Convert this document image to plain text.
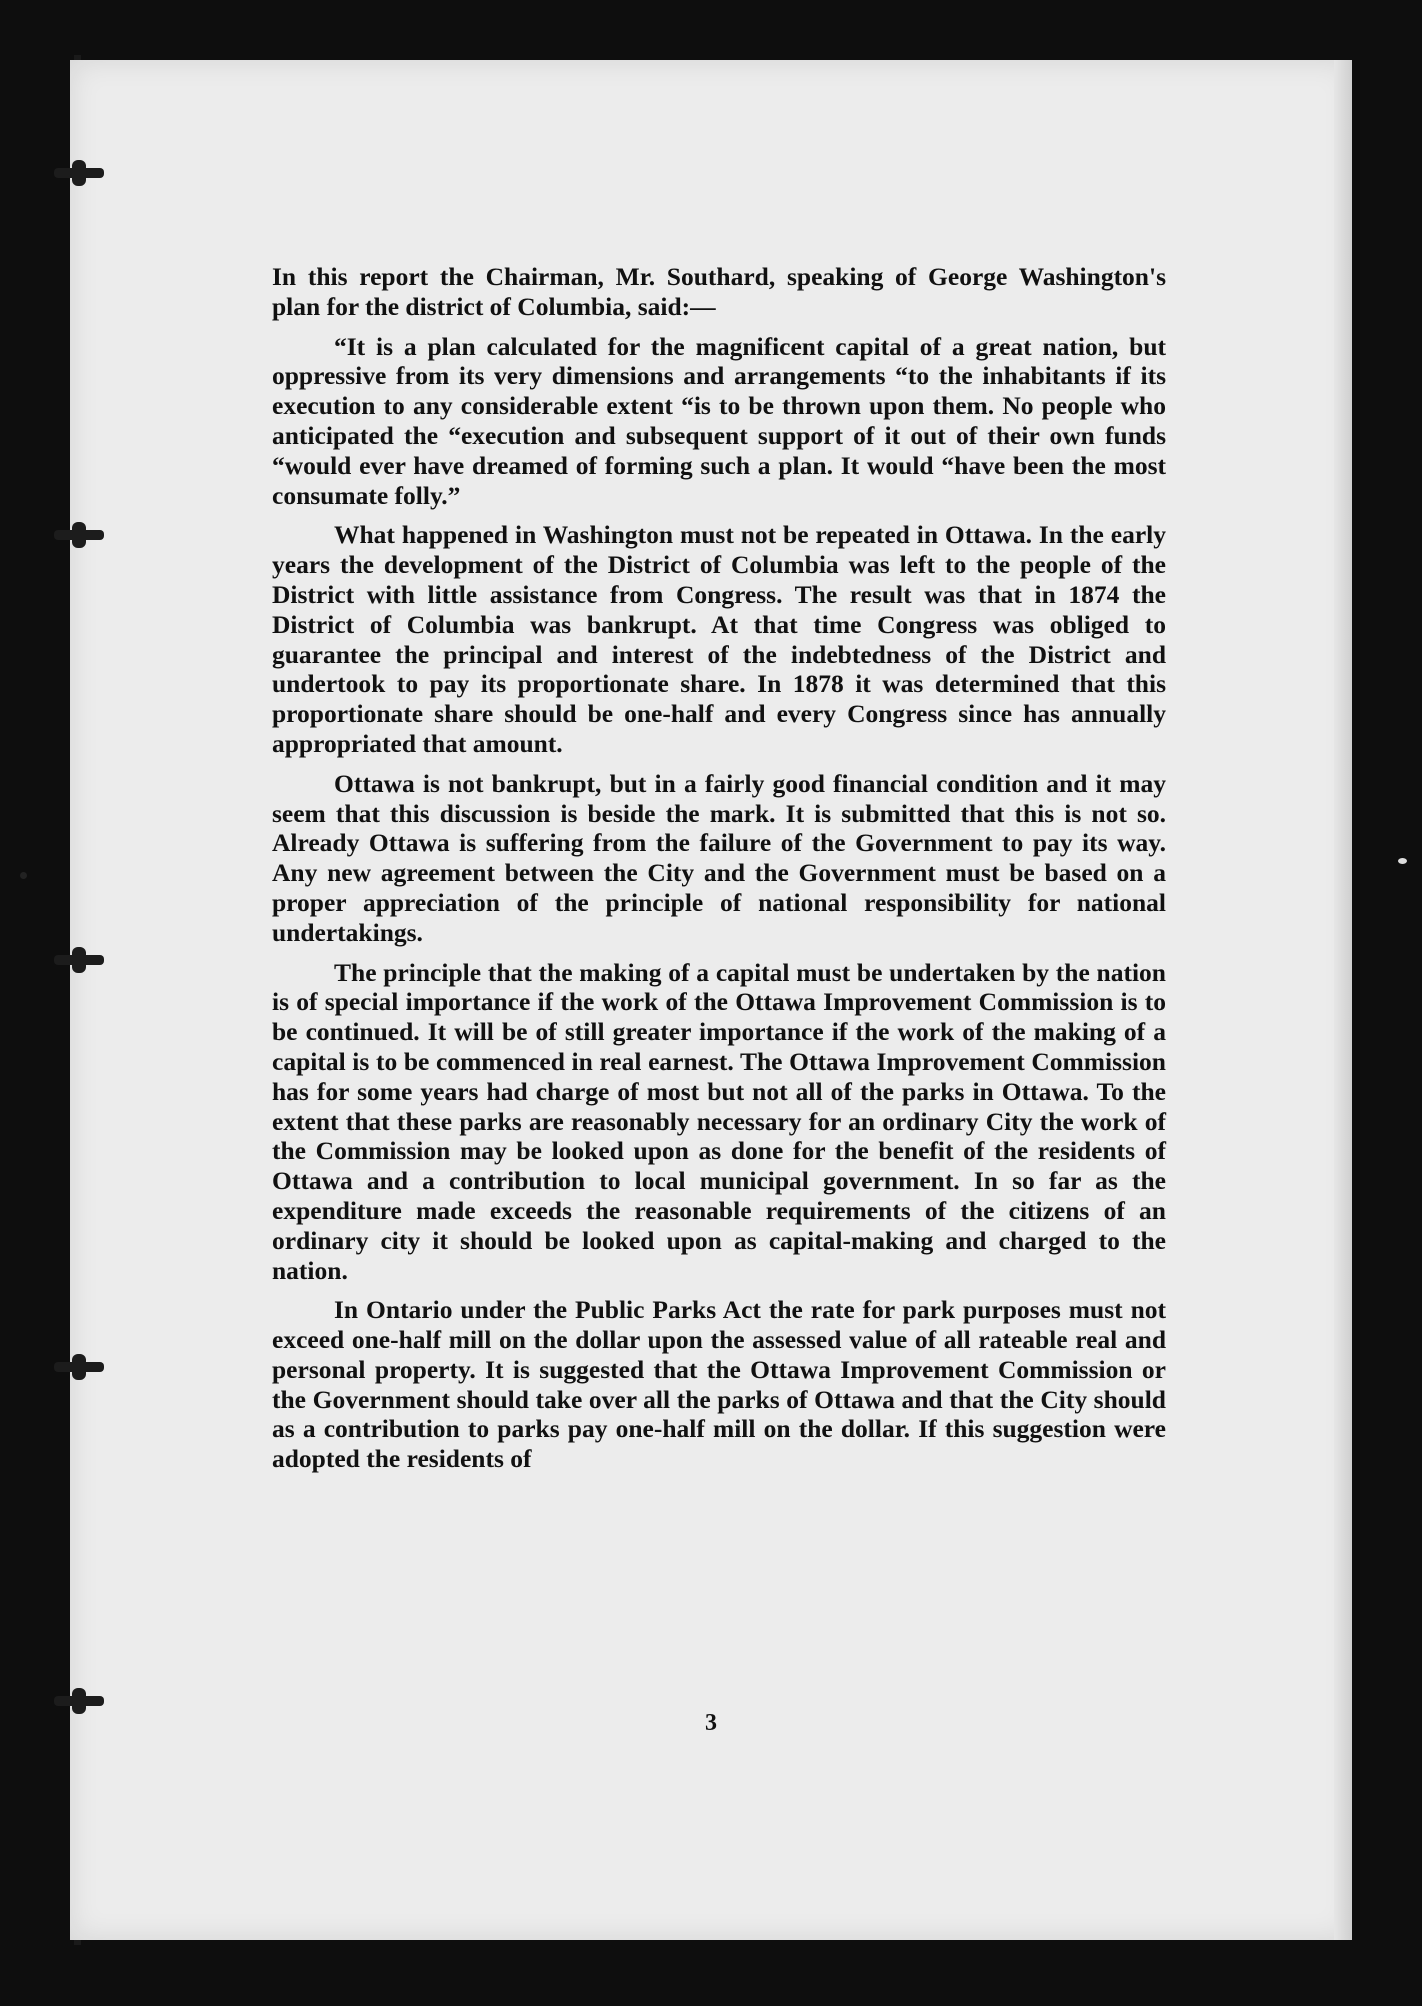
In this report the Chairman, Mr. Southard, speaking of George Washington's plan for the district of Columbia, said:—

“It is a plan calculated for the magnificent capital of a great nation, but oppressive from its very dimensions and arrangements “to the inhabitants if its execution to any considerable extent “is to be thrown upon them. No people who anticipated the “execution and subsequent support of it out of their own funds “would ever have dreamed of forming such a plan. It would “have been the most consumate folly.”

What happened in Washington must not be repeated in Ottawa. In the early years the development of the District of Columbia was left to the people of the District with little assistance from Congress. The result was that in 1874 the District of Columbia was bankrupt. At that time Congress was obliged to guarantee the principal and interest of the indebtedness of the District and undertook to pay its proportionate share. In 1878 it was determined that this proportionate share should be one-half and every Congress since has annually appropriated that amount.

Ottawa is not bankrupt, but in a fairly good financial condition and it may seem that this discussion is beside the mark. It is submitted that this is not so. Already Ottawa is suffering from the failure of the Government to pay its way. Any new agreement between the City and the Government must be based on a proper appreciation of the principle of national responsibility for national undertakings.

The principle that the making of a capital must be undertaken by the nation is of special importance if the work of the Ottawa Improvement Commission is to be continued. It will be of still greater importance if the work of the making of a capital is to be commenced in real earnest. The Ottawa Improvement Commission has for some years had charge of most but not all of the parks in Ottawa. To the extent that these parks are reasonably necessary for an ordinary City the work of the Commission may be looked upon as done for the benefit of the residents of Ottawa and a contribution to local municipal government. In so far as the expenditure made exceeds the reasonable requirements of the citizens of an ordinary city it should be looked upon as capital-making and charged to the nation.

In Ontario under the Public Parks Act the rate for park purposes must not exceed one-half mill on the dollar upon the assessed value of all rateable real and personal property. It is suggested that the Ottawa Improvement Commission or the Government should take over all the parks of Ottawa and that the City should as a contribution to parks pay one-half mill on the dollar. If this suggestion were adopted the residents of

3
